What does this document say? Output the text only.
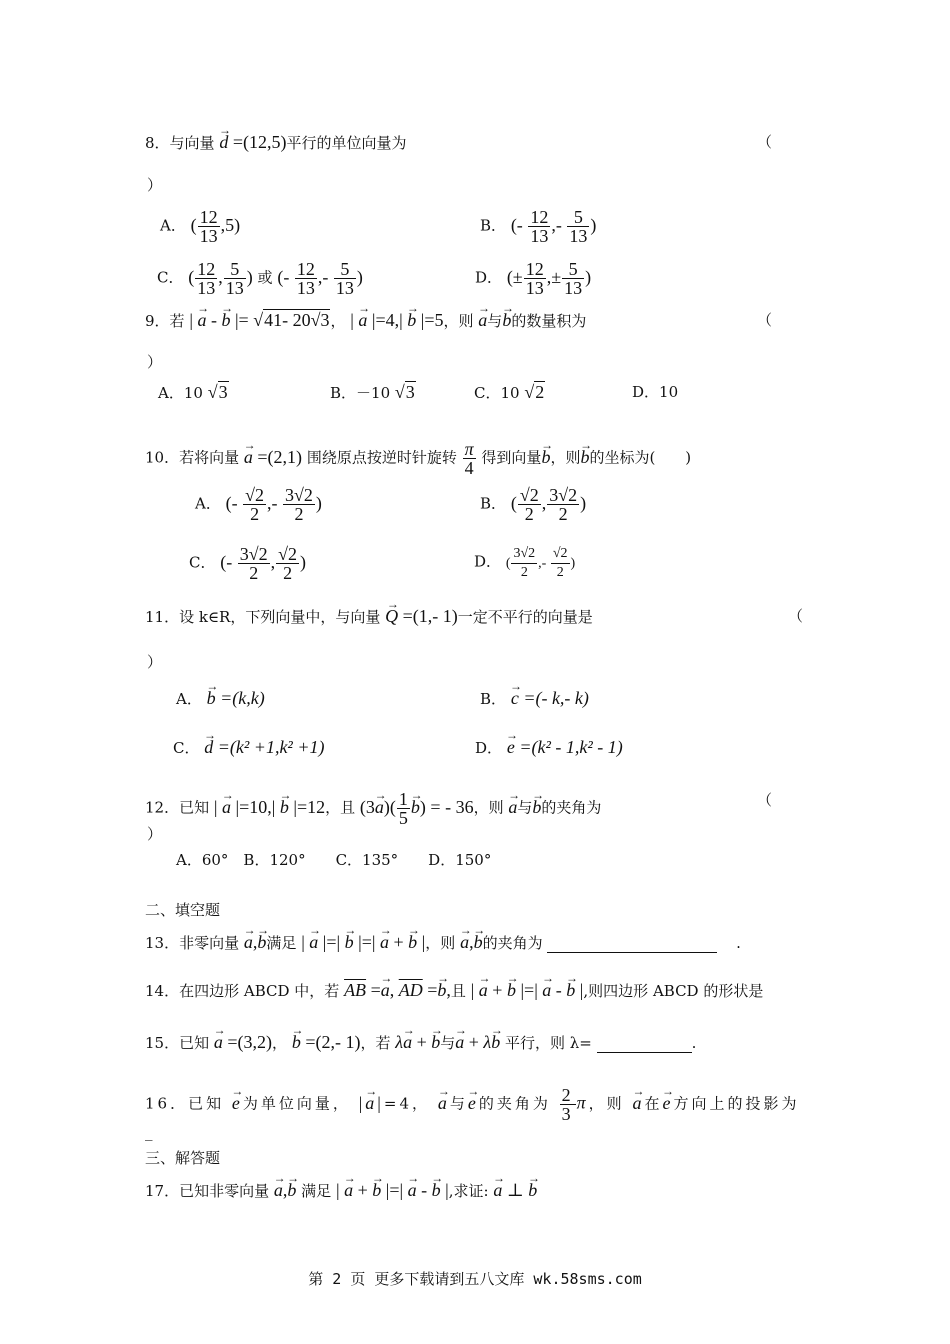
8．与向量 → d =(12,5)平行的单位向量为	（
）
A． ( $\frac{12}{13} ,5$)	B． (- $\frac{12}{13}$ ,- $\frac{5}{13}$ )
C． ( $\frac{12}{13}$ , $\frac{5}{13}$ ) 或 (- $\frac{12}{13}$ ,- $\frac{5}{13}$ )	D． (± $\frac{12}{13}$ ,± $\frac{5}{13}$ )
9．若 | → a - → b |= √41- 20√3， | → a |=4,| → b |=5，则 → a与→ b的数量积为	（
）
A．10 √3	B．－10 √3	C．10 √2	D．10
10．若将向量 → a =(2,1) 围绕原点按逆时针旋转 $\frac{\pi}{4}$ 得到向量→ b，则→ b的坐标为(　　)
A． (- $\frac{√2}{2}$ ,- $\frac{3√2}{2}$ )	B． ( $\frac{√2}{2}$ , $\frac{3√2}{2}$ )
C． (- $\frac{3√2}{2}$ , $\frac{√2}{2}$ )	D． ( $\frac{3√2}{2}$ ,- $\frac{√2}{2}$ )
11．设 k∈R，下列向量中，与向量 → Q =(1,- 1)一定不平行的向量是	（
）
A． → b =(k,k)	B． → c =(- k,- k)
C． → d =(k² +1,k² +1)	D． → e =(k² - 1,k² - 1)
12．已知 | → a |=10,| → b |=12，且 $(3\to a)( \frac{1}{5} \to b)$ = - 36，则 → a与→ b的夹角为	（
）
A．60°　B．120°　　C．135°　　D．150°
二、填空题
13．非零向量 → a,→ b满足 | → a |=| → b |=| → a + → b |，则 → a,→ b的夹角为	.
14．在四边形 ABCD 中，若 $\overline{AB} =\to a$, $\overline{AD} =\to b$,且 | → a + → b |=| → a - → b |,则四边形 ABCD 的形状是
15．已知 → a =(3,2)， → b =(2,- 1)，若 λ→ a + → b与→ a + λ→ b 平行，则 λ=	.
16．已知 → e为单位向量， |→ a|=4， → a与→ e的夹角为 $\frac{2}{3}$ π，则 → a在→ e方向上的投影为
_
三、解答题
17．已知非零向量 → a,→ b 满足 | → a + → b |=| → a - → b |,求证: → a ⊥ → b
第 2 页 更多下载请到五八文库 wk.58sms.com
